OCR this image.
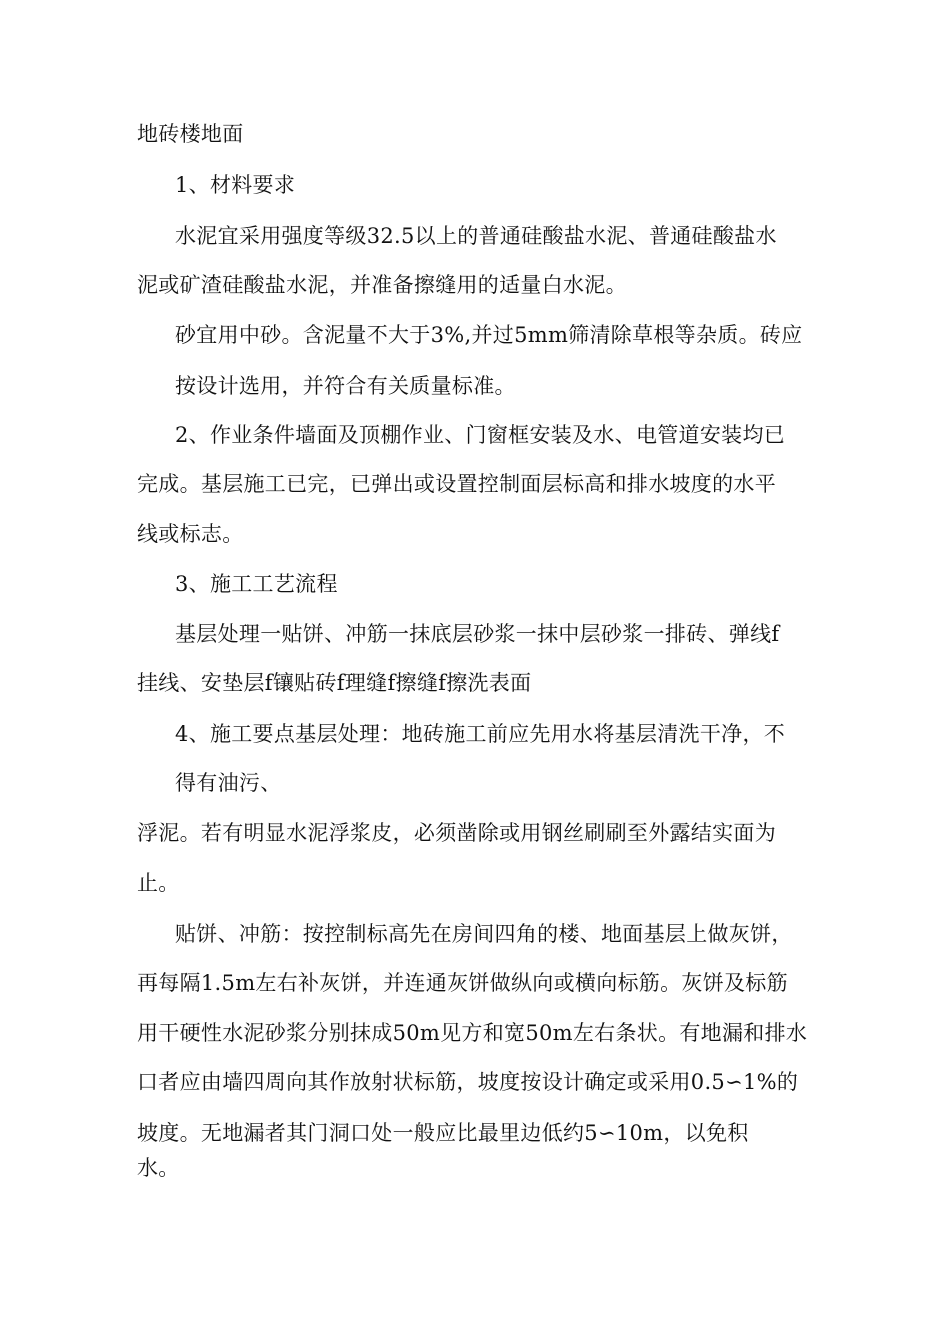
地砖楼地面
1、材料要求
水泥宜采用强度等级32.5以上的普通硅酸盐水泥、普通硅酸盐水
泥或矿渣硅酸盐水泥，并准备擦缝用的适量白水泥。
砂宜用中砂。含泥量不大于3%,并过5mm筛清除草根等杂质。砖应
按设计选用，并符合有关质量标准。
2、作业条件墙面及顶棚作业、门窗框安装及水、电管道安装均已
完成。基层施工已完，已弹出或设置控制面层标高和排水坡度的水平
线或标志。
3、施工工艺流程
基层处理一贴饼、冲筋一抹底层砂浆一抹中层砂浆一排砖、弹线f
挂线、安垫层f镶贴砖f理缝f擦缝f擦洗表面
4、施工要点基层处理：地砖施工前应先用水将基层清洗干净，不
得有油污、
浮泥。若有明显水泥浮浆皮，必须凿除或用钢丝刷刷至外露结实面为
止。
贴饼、冲筋：按控制标高先在房间四角的楼、地面基层上做灰饼，
再每隔1.5m左右补灰饼，并连通灰饼做纵向或横向标筋。灰饼及标筋
用干硬性水泥砂浆分别抹成50m见方和宽50m左右条状。有地漏和排水
口者应由墙四周向其作放射状标筋，坡度按设计确定或采用0.5∽1%的
坡度。无地漏者其门洞口处一般应比最里边低约5∽10m，以免积
水。
